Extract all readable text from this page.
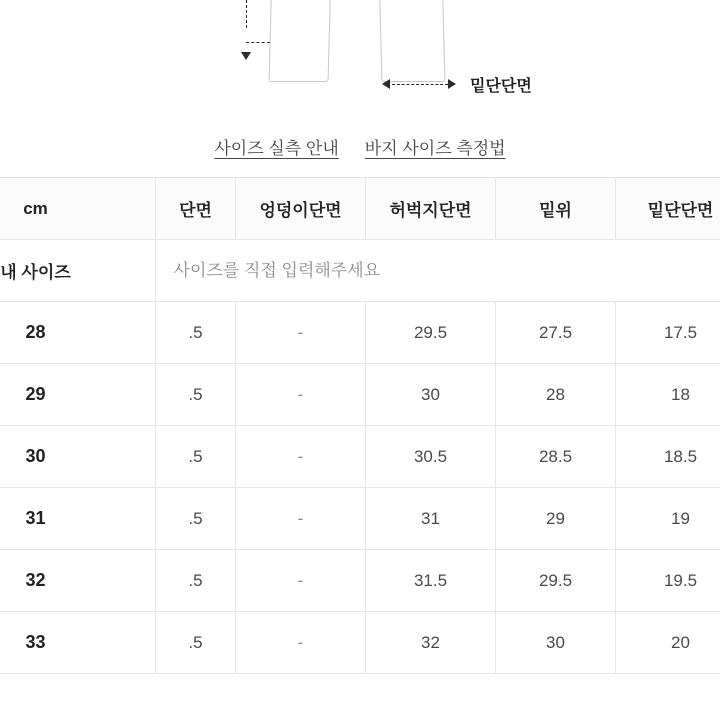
밑단단면
사이즈 실측 안내 바지 사이즈 측정법
cm	단면	엉덩이단면	허벅지단면	밑위	밑단단면
내 사이즈	사이즈를 직접 입력해주세요
28	.5	-	29.5	27.5	17.5
29	.5	-	30	28	18
30	.5	-	30.5	28.5	18.5
31	.5	-	31	29	19
32	.5	-	31.5	29.5	19.5
33	.5	-	32	30	20
